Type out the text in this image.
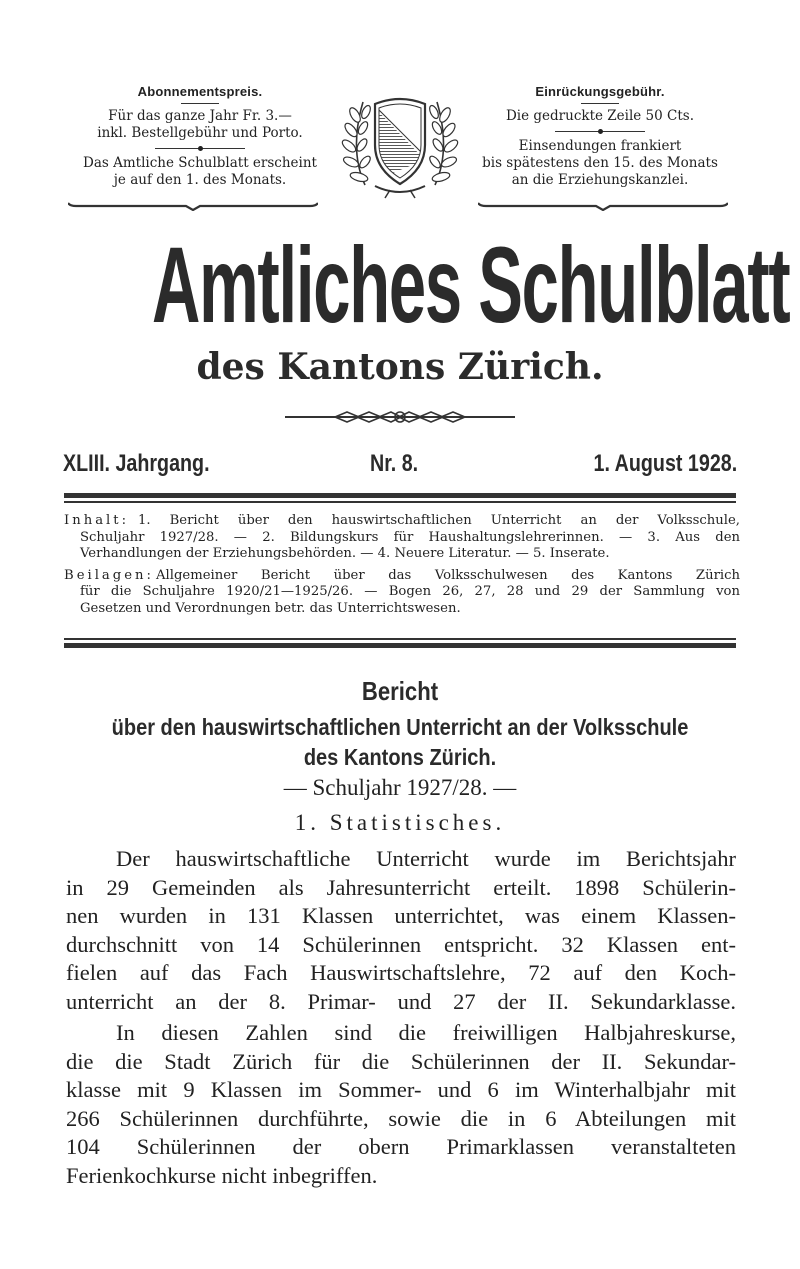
Abonnementspreis.
Für das ganze Jahr Fr. 3.—
inkl. Bestellgebühr und Porto.
Das Amtliche Schulblatt erscheint
je auf den 1. des Monats.
Einrückungsgebühr.
Die gedruckte Zeile 50 Cts.
Einsendungen frankiert
bis spätestens den 15. des Monats
an die Erziehungskanzlei.
Amtliches Schulblatt
des Kantons Zürich.
XLIII. Jahrgang.	Nr. 8.	1. August 1928.
Inhalt: 1. Bericht über den hauswirtschaftlichen Unterricht an der Volksschule,
Schuljahr 1927/28. — 2. Bildungskurs für Haushaltungslehrerinnen. — 3. Aus den
Verhandlungen der Erziehungsbehörden. — 4. Neuere Literatur. — 5. Inserate.
Beilagen: Allgemeiner Bericht über das Volksschulwesen des Kantons Zürich
für die Schuljahre 1920/21—1925/26. — Bogen 26, 27, 28 und 29 der Sammlung von
Gesetzen und Verordnungen betr. das Unterrichtswesen.
Bericht
über den hauswirtschaftlichen Unterricht an der Volksschule
des Kantons Zürich.
— Schuljahr 1927/28. —
1. Statistisches.
Der hauswirtschaftliche Unterricht wurde im Berichtsjahr
in 29 Gemeinden als Jahresunterricht erteilt. 1898 Schülerin-
nen wurden in 131 Klassen unterrichtet, was einem Klassen-
durchschnitt von 14 Schülerinnen entspricht. 32 Klassen ent-
fielen auf das Fach Hauswirtschaftslehre, 72 auf den Koch-
unterricht an der 8. Primar- und 27 der II. Sekundarklasse.
In diesen Zahlen sind die freiwilligen Halbjahreskurse,
die die Stadt Zürich für die Schülerinnen der II. Sekundar-
klasse mit 9 Klassen im Sommer- und 6 im Winterhalbjahr mit
266 Schülerinnen durchführte, sowie die in 6 Abteilungen mit
104 Schülerinnen der obern Primarklassen veranstalteten
Ferienkochkurse nicht inbegriffen.
